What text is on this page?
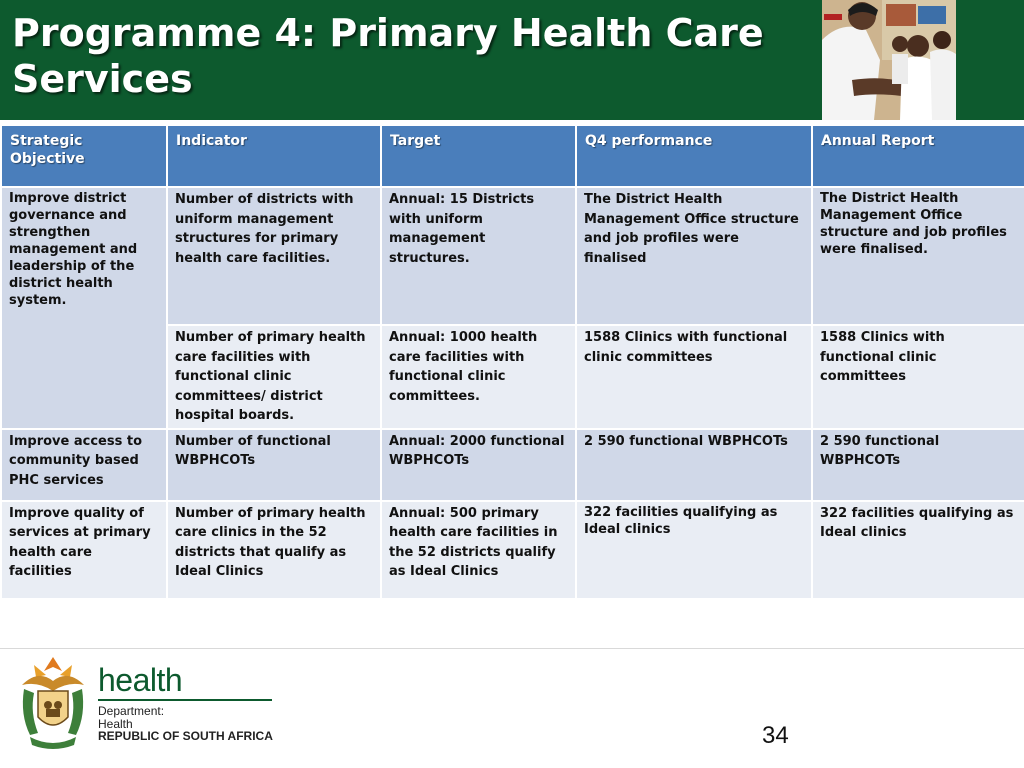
Programme 4: Primary Health Care
Services
Strategic Objective	Indicator	Target	Q4 performance	Annual Report
Improve district governance and strengthen management and leadership of the district health system.	Number of districts with uniform management structures for primary health care facilities.	Annual: 15 Districts with uniform management structures.	The District Health Management Office structure and job profiles were finalised	The District Health Management Office structure and job profiles were finalised.
	Number of primary health care facilities with functional clinic committees/ district hospital boards.	Annual: 1000 health care facilities with functional clinic committees.	1588 Clinics with functional clinic committees	1588 Clinics with functional clinic committees
Improve access to community based PHC services	Number of functional WBPHCOTs	Annual: 2000 functional WBPHCOTs	2 590 functional WBPHCOTs	2 590 functional WBPHCOTs
Improve quality of services at primary health care facilities	Number of primary health care clinics in the 52 districts that qualify as Ideal Clinics	Annual: 500 primary health care facilities in the 52 districts qualify as Ideal Clinics	322 facilities qualifying as Ideal clinics	322 facilities qualifying as Ideal clinics
health
Department:
Health
REPUBLIC OF SOUTH AFRICA	34
